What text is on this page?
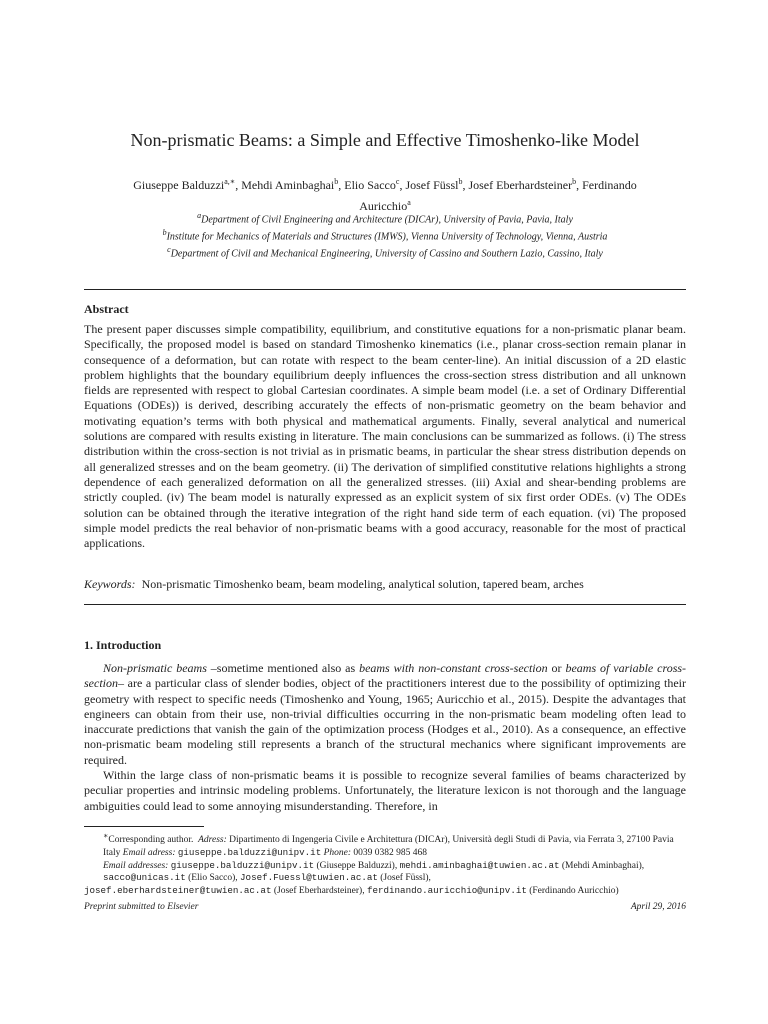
Non-prismatic Beams: a Simple and Effective Timoshenko-like Model
Giuseppe Balduzzi$^{a,∗}$, Mehdi Aminbaghai$^b$, Elio Sacco$^c$, Josef Füssl$^b$, Josef Eberhardsteiner$^b$, Ferdinando
Auricchio$^a$
$^a$Department of Civil Engineering and Architecture (DICAr), University of Pavia, Pavia, Italy
$^b$Institute for Mechanics of Materials and Structures (IMWS), Vienna University of Technology, Vienna, Austria
$^c$Department of Civil and Mechanical Engineering, University of Cassino and Southern Lazio, Cassino, Italy
Abstract
The present paper discusses simple compatibility, equilibrium, and constitutive equations for a non-prismatic planar beam. Specifically, the proposed model is based on standard Timoshenko kinematics (i.e., planar cross-section remain planar in consequence of a deformation, but can rotate with respect to the beam center-line). An initial discussion of a 2D elastic problem highlights that the boundary equilibrium deeply influences the cross-section stress distribution and all unknown fields are represented with respect to global Cartesian coordinates. A simple beam model (i.e. a set of Ordinary Differential Equations (ODEs)) is derived, describing accurately the effects of non-prismatic geometry on the beam behavior and motivating equation’s terms with both physical and mathematical arguments. Finally, several analytical and numerical solutions are compared with results existing in literature. The main conclusions can be summarized as follows. (i) The stress distribution within the cross-section is not trivial as in prismatic beams, in particular the shear stress distribution depends on all generalized stresses and on the beam geometry. (ii) The derivation of simplified constitutive relations highlights a strong dependence of each generalized deformation on all the generalized stresses. (iii) Axial and shear-bending problems are strictly coupled. (iv) The beam model is naturally expressed as an explicit system of six first order ODEs. (v) The ODEs solution can be obtained through the iterative integration of the right hand side term of each equation. (vi) The proposed simple model predicts the real behavior of non-prismatic beams with a good accuracy, reasonable for the most of practical applications.
Keywords: Non-prismatic Timoshenko beam, beam modeling, analytical solution, tapered beam, arches
1. Introduction

Non-prismatic beams –sometime mentioned also as beams with non-constant cross-section or beams of variable cross-section– are a particular class of slender bodies, object of the practitioners interest due to the possibility of optimizing their geometry with respect to specific needs (Timoshenko and Young, 1965; Auricchio et al., 2015). Despite the advantages that engineers can obtain from their use, non-trivial difficulties occurring in the non-prismatic beam modeling often lead to inaccurate predictions that vanish the gain of the optimization process (Hodges et al., 2010). As a consequence, an effective non-prismatic beam modeling still represents a branch of the structural mechanics where significant improvements are required.

Within the large class of non-prismatic beams it is possible to recognize several families of beams characterized by peculiar properties and intrinsic modeling problems. Unfortunately, the literature lexicon is not thorough and the language ambiguities could lead to some annoying misunderstanding. Therefore, in

∗Corresponding author. Adress: Dipartimento di Ingengeria Civile e Architettura (DICAr), Università degli Studi di Pavia, via Ferrata 3, 27100 Pavia Italy Email adress: giuseppe.balduzzi@unipv.it Phone: 0039 0382 985 468

Email addresses: giuseppe.balduzzi@unipv.it (Giuseppe Balduzzi), mehdi.aminbaghai@tuwien.ac.at (Mehdi Aminbaghai), sacco@unicas.it (Elio Sacco), Josef.Fuessl@tuwien.ac.at (Josef Füssl),
josef.eberhardsteiner@tuwien.ac.at (Josef Eberhardsteiner), ferdinando.auricchio@unipv.it (Ferdinando Auricchio)

Preprint submitted to Elsevier	April 29, 2016
